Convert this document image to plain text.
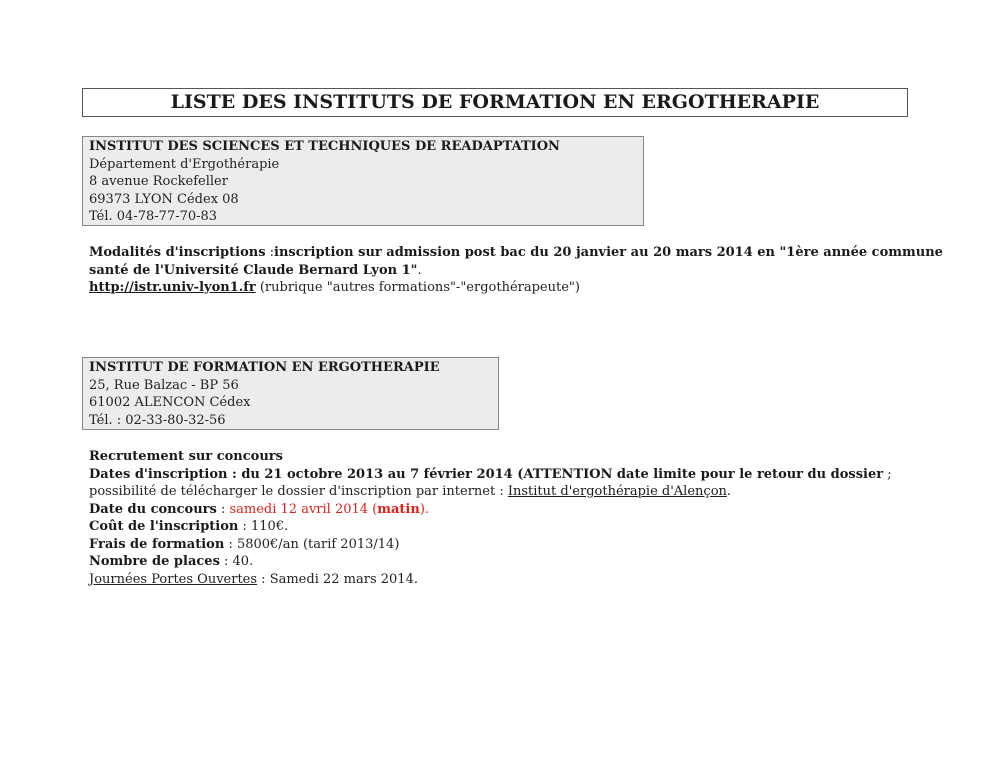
LISTE DES INSTITUTS DE FORMATION EN ERGOTHERAPIE
INSTITUT DES SCIENCES ET TECHNIQUES DE READAPTATION
Département d'Ergothérapie
8 avenue Rockefeller
69373 LYON Cédex 08
Tél. 04-78-77-70-83
Modalités d'inscriptions :inscription sur admission post bac du 20 janvier au 20 mars 2014 en "1ère année commune
santé de l'Université Claude Bernard Lyon 1".
http://istr.univ-lyon1.fr (rubrique "autres formations"-"ergothérapeute")
INSTITUT DE FORMATION EN ERGOTHERAPIE
25, Rue Balzac - BP 56
61002 ALENCON Cédex
Tél. : 02-33-80-32-56
Recrutement sur concours
Dates d'inscription : du 21 octobre 2013 au 7 février 2014 (ATTENTION date limite pour le retour du dossier ;
possibilité de télécharger le dossier d'inscription par internet : Institut d'ergothérapie d'Alençon.
Date du concours : samedi 12 avril 2014 (matin).
Coût de l'inscription : 110€.
Frais de formation : 5800€/an (tarif 2013/14)
Nombre de places : 40.
Journées Portes Ouvertes : Samedi 22 mars 2014.
